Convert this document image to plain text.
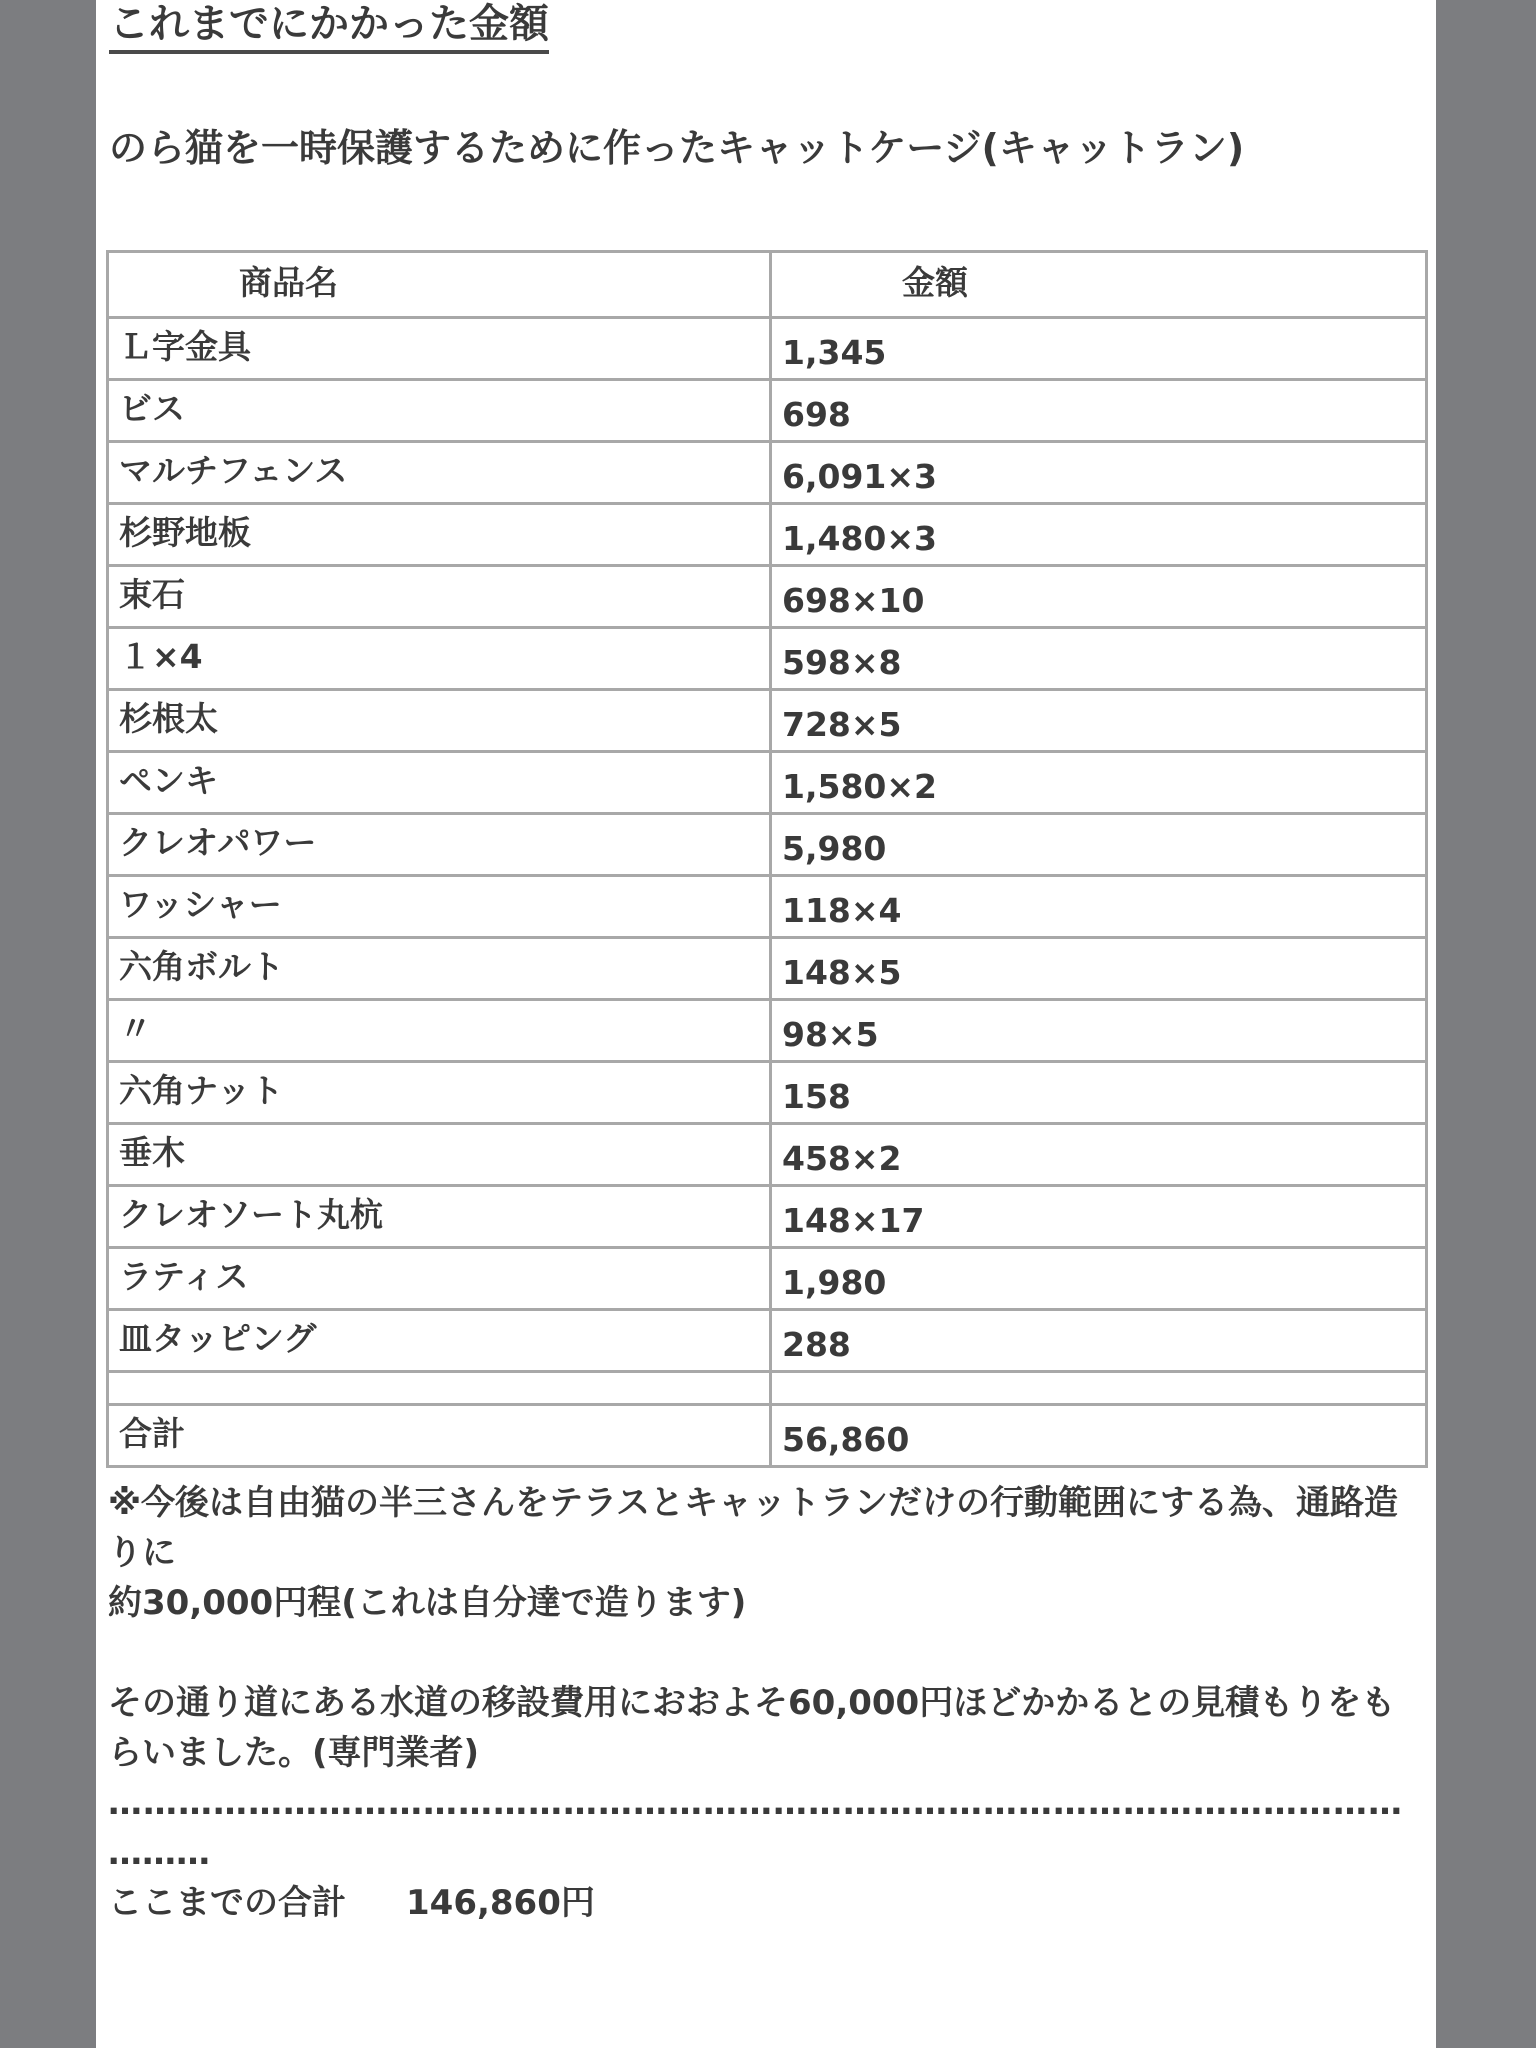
これまでにかかった金額
のら猫を一時保護するために作ったキャットケージ(キャットラン)
商品名	金額
Ｌ字金具	1,345
ビス	698
マルチフェンス	6,091×3
杉野地板	1,480×3
束石	698×10
１×4	598×8
杉根太	728×5
ペンキ	1,580×2
クレオパワー	5,980
ワッシャー	118×4
六角ボルト	148×5
〃	98×5
六角ナット	158
垂木	458×2
クレオソート丸杭	148×17
ラティス	1,980
皿タッピング	288

合計	56,860

※今後は自由猫の半三さんをテラスとキャットランだけの行動範囲にする為、通路造りに

約30,000円程(これは自分達で造ります)

その通り道にある水道の移設費用におおよそ60,000円ほどかかるとの見積もりをもらいました。(専門業者)

…………………………………………………………………………………………………

………

ここまでの合計 146,860円
